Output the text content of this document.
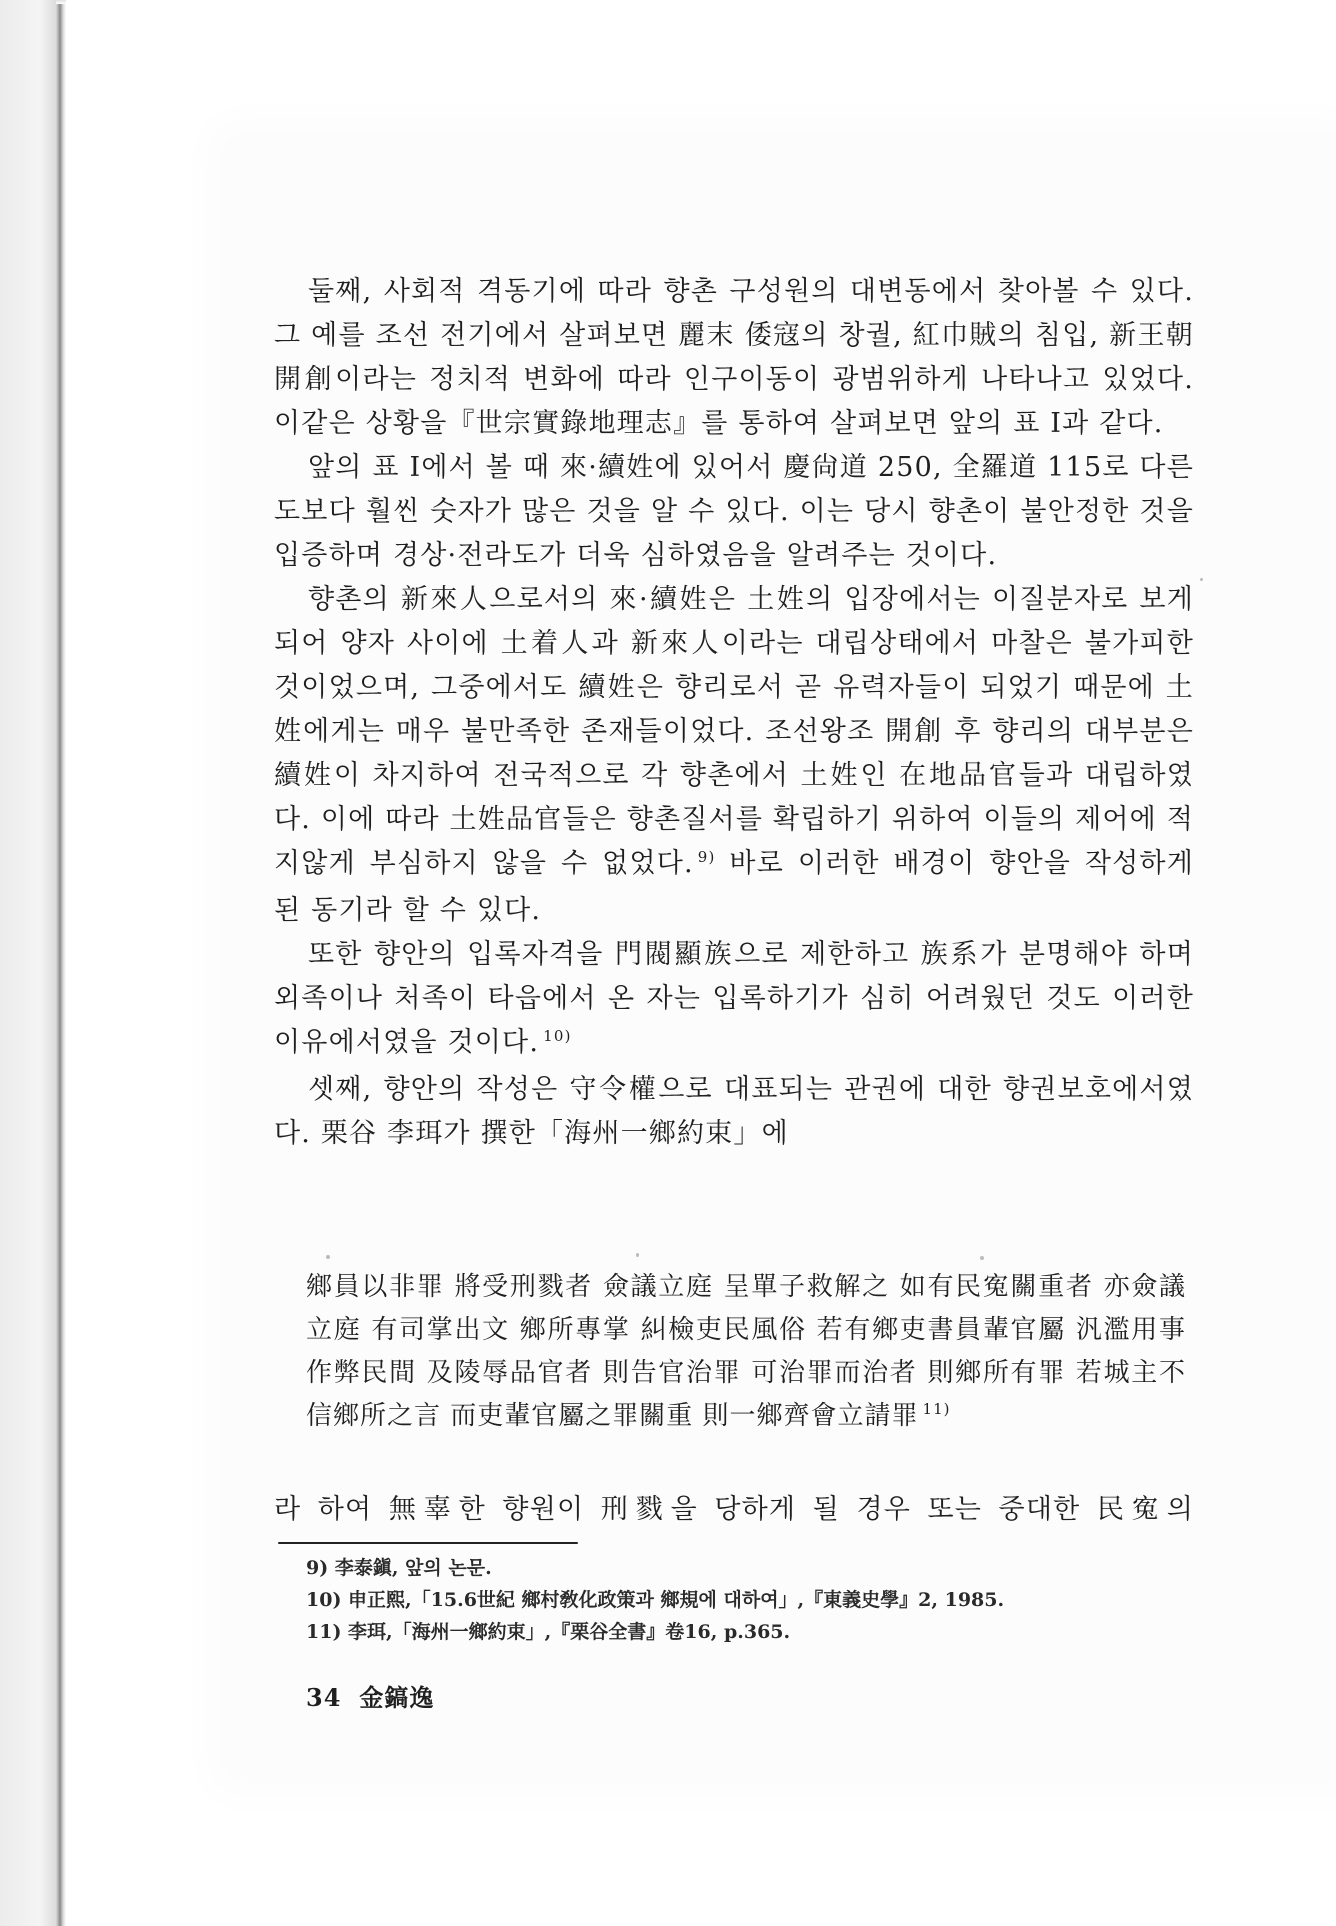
둘째, 사회적 격동기에 따라 향촌 구성원의 대변동에서 찾아볼 수 있다. 그 예를 조선 전기에서 살펴보면 麗末 倭寇의 창궐, 紅巾賊의 침입, 新王朝 開創이라는 정치적 변화에 따라 인구이동이 광범위하게 나타나고 있었다. 이같은 상황을『世宗實錄地理志』를 통하여 살펴보면 앞의 표 I과 같다.

앞의 표 I에서 볼 때 來·續姓에 있어서 慶尙道 250, 全羅道 115로 다른 도보다 훨씬 숫자가 많은 것을 알 수 있다. 이는 당시 향촌이 불안정한 것을 입증하며 경상·전라도가 더욱 심하였음을 알려주는 것이다.

향촌의 新來人으로서의 來·續姓은 土姓의 입장에서는 이질분자로 보게 되어 양자 사이에 土着人과 新來人이라는 대립상태에서 마찰은 불가피한 것이었으며, 그중에서도 續姓은 향리로서 곧 유력자들이 되었기 때문에 土姓에게는 매우 불만족한 존재들이었다. 조선왕조 開創 후 향리의 대부분은 續姓이 차지하여 전국적으로 각 향촌에서 土姓인 在地品官들과 대립하였다. 이에 따라 土姓品官들은 향촌질서를 확립하기 위하여 이들의 제어에 적지않게 부심하지 않을 수 없었다. $^{9)}$ 바로 이러한 배경이 향안을 작성하게 된 동기라 할 수 있다.

또한 향안의 입록자격을 門閥顯族으로 제한하고 族系가 분명해야 하며 외족이나 처족이 타읍에서 온 자는 입록하기가 심히 어려웠던 것도 이러한 이유에서였을 것이다. $^{10)}$

셋째, 향안의 작성은 守令權으로 대표되는 관권에 대한 향권보호에서였다. 栗谷 李珥가 撰한「海州一鄉約束」에

鄉員以非罪 將受刑戮者 僉議立庭 呈單子救解之 如有民寃關重者 亦僉議立庭 有司掌出文 鄉所專掌 糾檢吏民風俗 若有鄉吏書員輩官屬 汎濫用事作弊民間 及陵辱品官者 則告官治罪 可治罪而治者 則鄉所有罪 若城主不信鄉所之言 而吏輩官屬之罪關重 則一鄉齊會立請罪 $^{11)}$
라 하여 無辜한 향원이 刑戮을 당하게 될 경우 또는 중대한 民寃의

9) 李泰鎭, 앞의 논문.

10) 申正熙,「15.6世紀 鄉村敎化政策과 鄉規에 대하여」,『東義史學』2, 1985.

11) 李珥,「海州一鄉約束」,『栗谷全書』卷16, p.365.

34 金鎬逸
